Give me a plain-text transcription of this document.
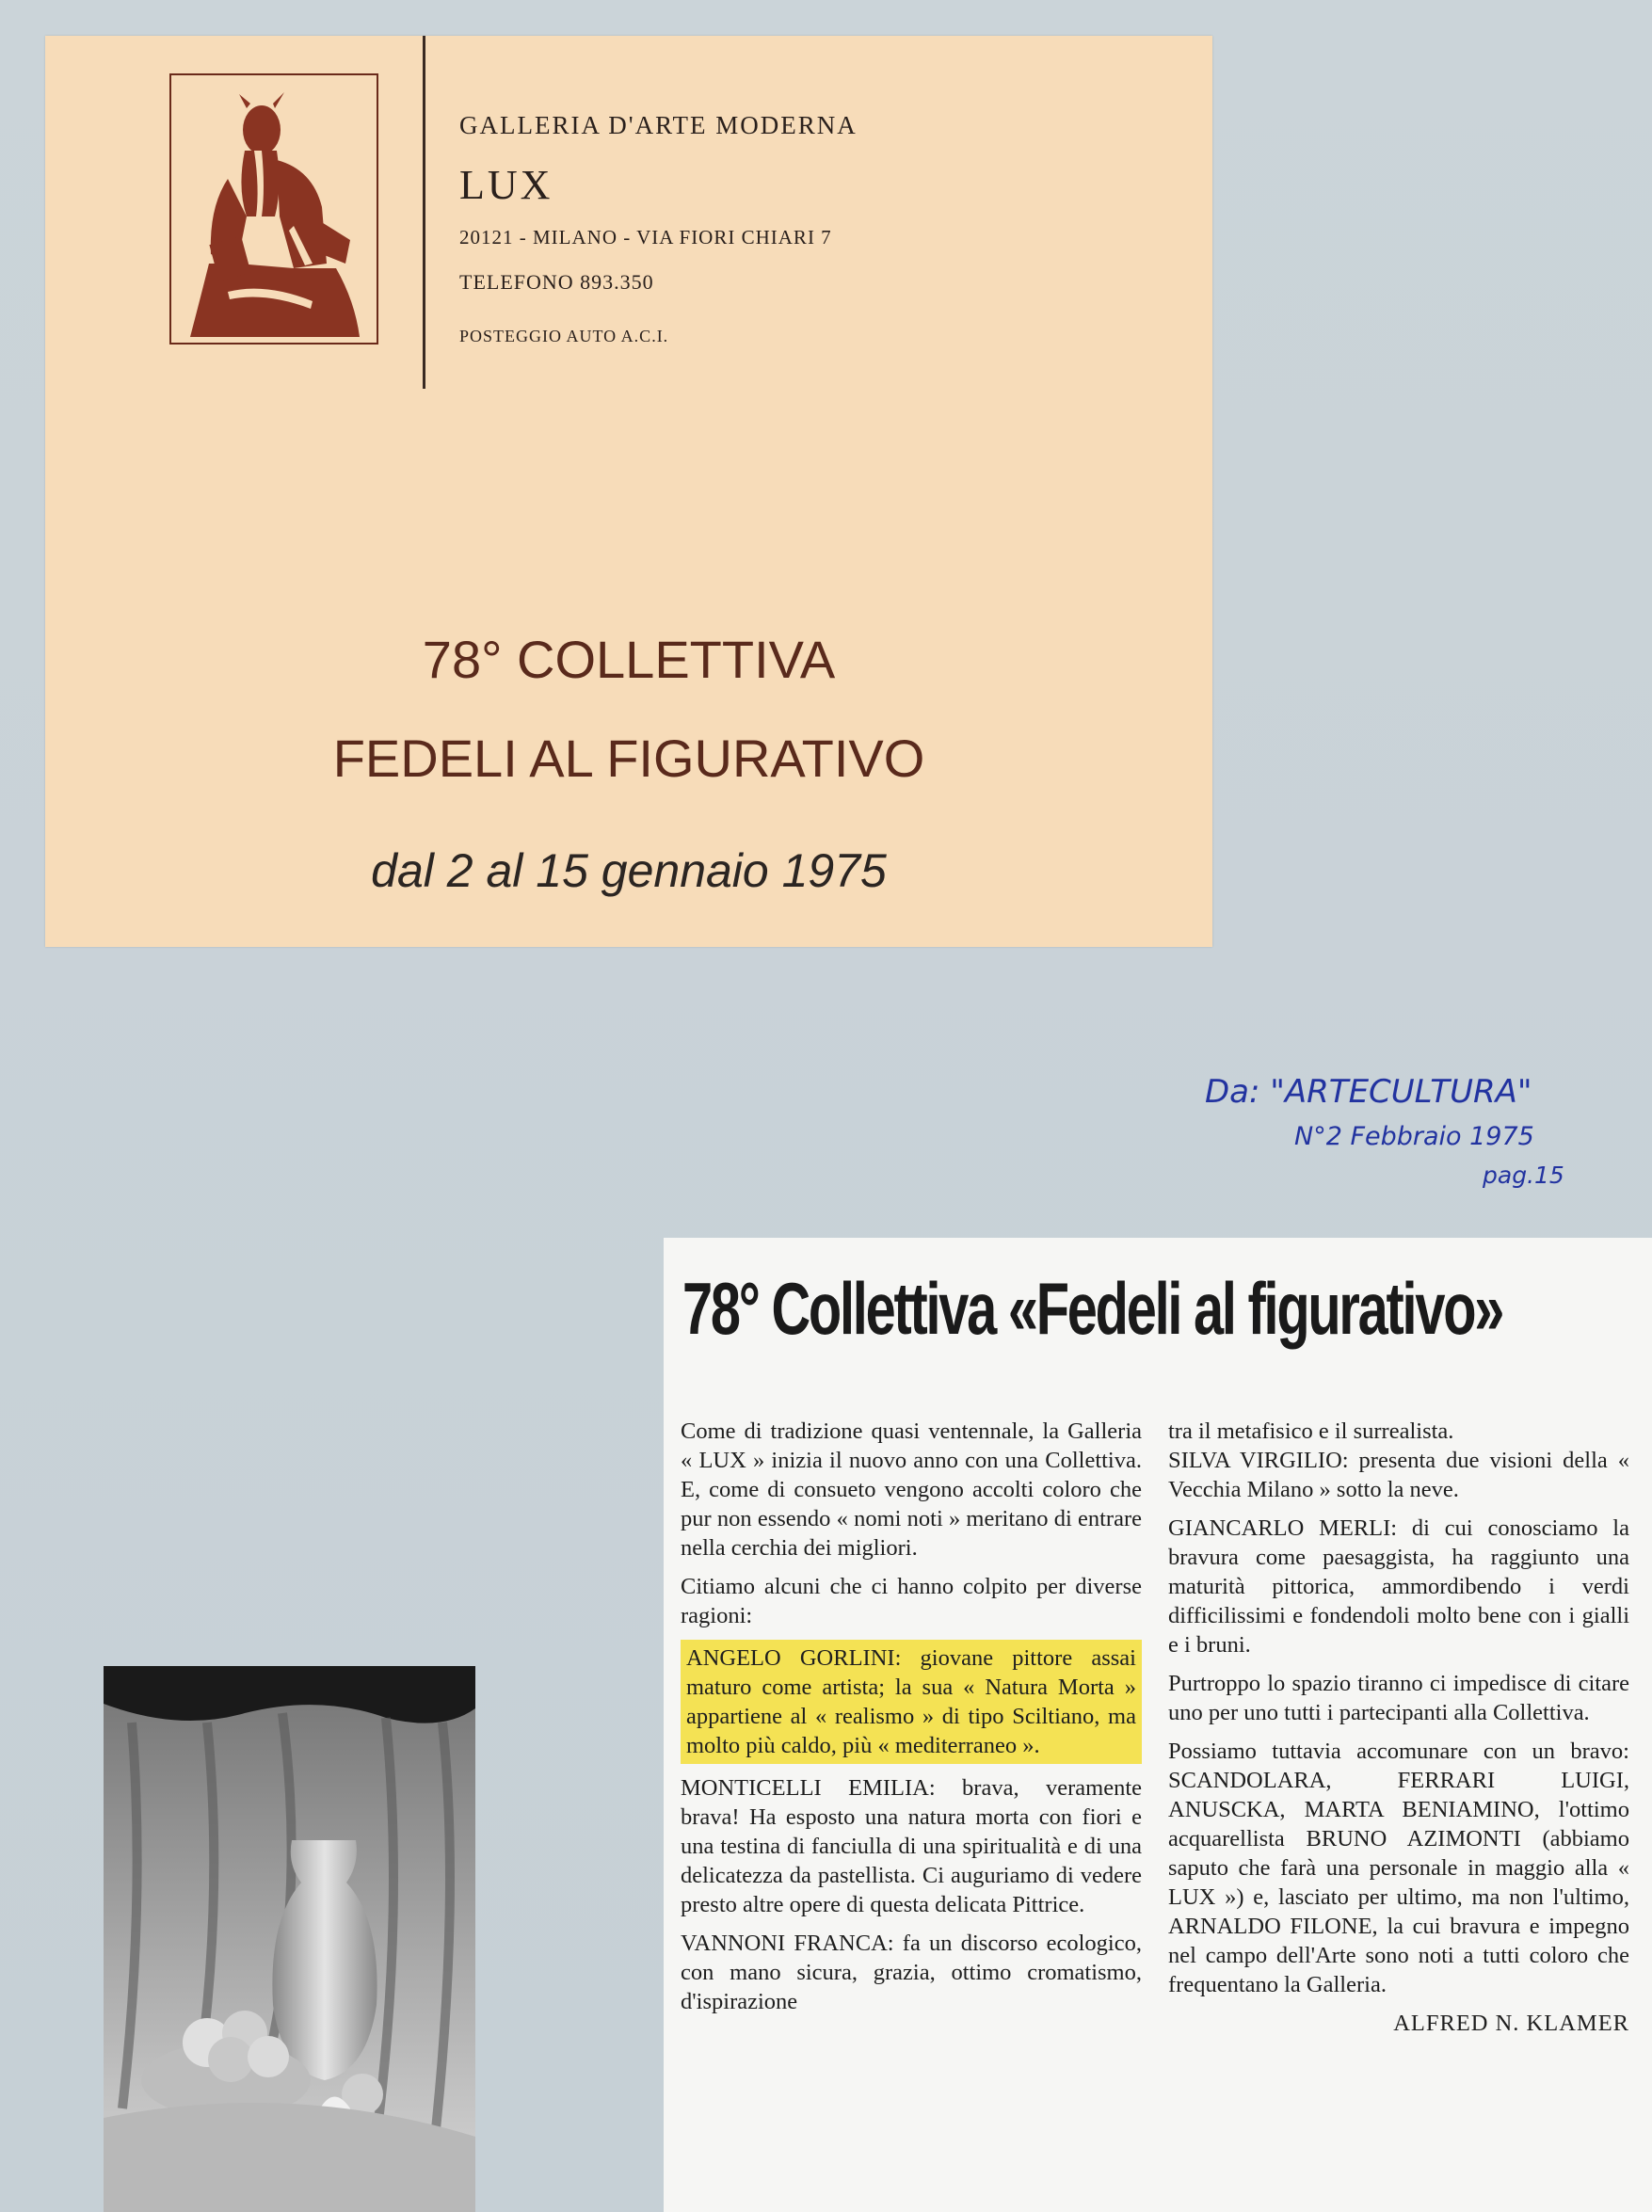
GALLERIA D'ARTE MODERNA
LUX
20121 - MILANO - VIA FIORI CHIARI 7
TELEFONO 893.350
POSTEGGIO AUTO A.C.I.
78° COLLETTIVA
FEDELI AL FIGURATIVO
dal 2 al 15 gennaio 1975
Da: "ARTECULTURA"
N°2 Febbraio 1975
pag.15
78° Collettiva «Fedeli al figurativo»

Come di tradizione quasi ventennale, la Galleria « LUX » inizia il nuovo anno con una Collettiva. E, come di consueto vengono accolti coloro che pur non essendo « nomi noti » meritano di entrare nella cerchia dei migliori.

Citiamo alcuni che ci hanno colpito per diverse ragioni:

ANGELO GORLINI: giovane pittore assai maturo come artista; la sua « Natura Morta » appartiene al « realismo » di tipo Sciltiano, ma molto più caldo, più « mediterraneo ».

MONTICELLI EMILIA: brava, veramente brava! Ha esposto una natura morta con fiori e una testina di fanciulla di una spiritualità e di una delicatezza da pastellista. Ci auguriamo di vedere presto altre opere di questa delicata Pittrice.

VANNONI FRANCA: fa un discorso ecologico, con mano sicura, grazia, ottimo cromatismo, d'ispirazione

tra il metafisico e il surrealista.

SILVA VIRGILIO: presenta due visioni della « Vecchia Milano » sotto la neve.

GIANCARLO MERLI: di cui conosciamo la bravura come paesaggista, ha raggiunto una maturità pittorica, ammordibendo i verdi difficilissimi e fondendoli molto bene con i gialli e i bruni.

Purtroppo lo spazio tiranno ci impedisce di citare uno per uno tutti i partecipanti alla Collettiva.

Possiamo tuttavia accomunare con un bravo: SCANDOLARA, FERRARI LUIGI, ANUSCKA, MARTA BENIAMINO, l'ottimo acquarellista BRUNO AZIMONTI (abbiamo saputo che farà una personale in maggio alla « LUX ») e, lasciato per ultimo, ma non l'ultimo, ARNALDO FILONE, la cui bravura e impegno nel campo dell'Arte sono noti a tutti coloro che frequentano la Galleria.

ALFRED N. KLAMER
